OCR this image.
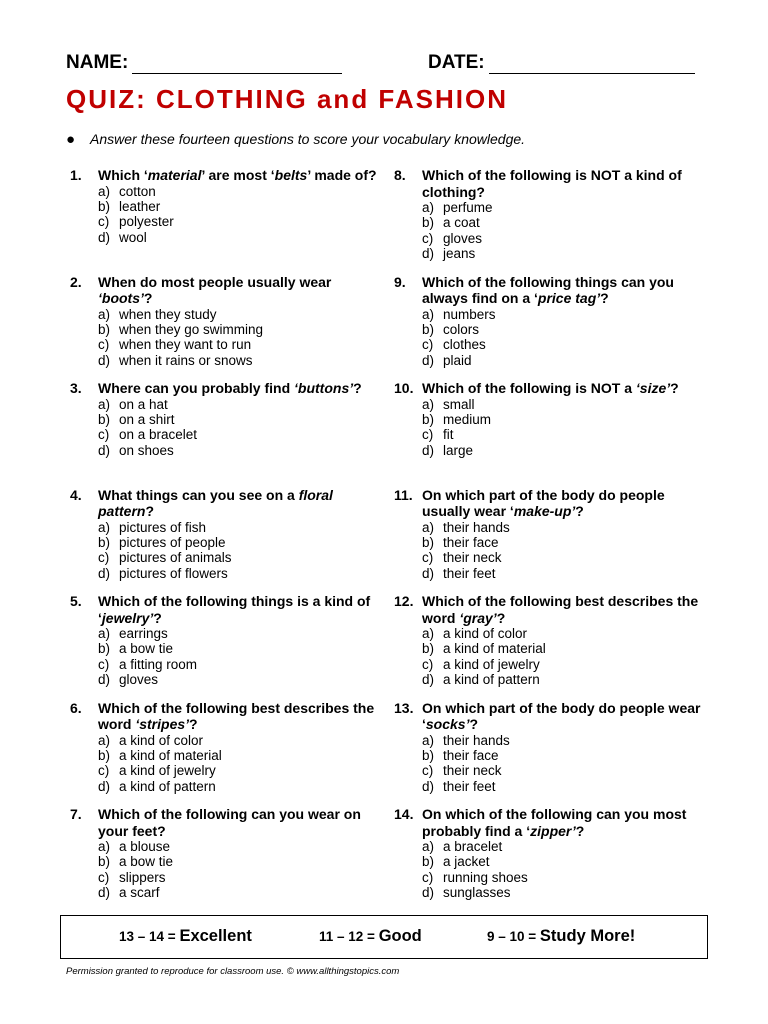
NAME:	DATE:
QUIZ: CLOTHING and FASHION
● Answer these fourteen questions to score your vocabulary knowledge.
1.	Which ‘material’ are most ‘belts’ made of?
a) cotton
b) leather
c) polyester
d) wool
2.	When do most people usually wear ‘boots’?
a) when they study
b) when they go swimming
c) when they want to run
d) when it rains or snows
3.	Where can you probably find ‘buttons’?
a) on a hat
b) on a shirt
c) on a bracelet
d) on shoes
4.	What things can you see on a floral pattern?
a) pictures of fish
b) pictures of people
c) pictures of animals
d) pictures of flowers
5.	Which of the following things is a kind of ‘jewelry’?
a) earrings
b) a bow tie
c) a fitting room
d) gloves
6.	Which of the following best describes the word ‘stripes’?
a) a kind of color
b) a kind of material
c) a kind of jewelry
d) a kind of pattern
7.	Which of the following can you wear on your feet?
a) a blouse
b) a bow tie
c) slippers
d) a scarf
8.	Which of the following is NOT a kind of clothing?
a) perfume
b) a coat
c) gloves
d) jeans
9.	Which of the following things can you always find on a ‘price tag’?
a) numbers
b) colors
c) clothes
d) plaid
10. Which of the following is NOT a ‘size’?
a) small
b) medium
c) fit
d) large
11. On which part of the body do people usually wear ‘make-up’?
a) their hands
b) their face
c) their neck
d) their feet
12. Which of the following best describes the word ‘gray’?
a) a kind of color
b) a kind of material
c) a kind of jewelry
d) a kind of pattern
13. On which part of the body do people wear ‘socks’?
a) their hands
b) their face
c) their neck
d) their feet
14. On which of the following can you most probably find a ‘zipper’?
a) a bracelet
b) a jacket
c) running shoes
d) sunglasses
13 – 14 = Excellent	11 – 12 = Good	9 – 10 = Study More!
Permission granted to reproduce for classroom use. © www.allthingstopics.com
